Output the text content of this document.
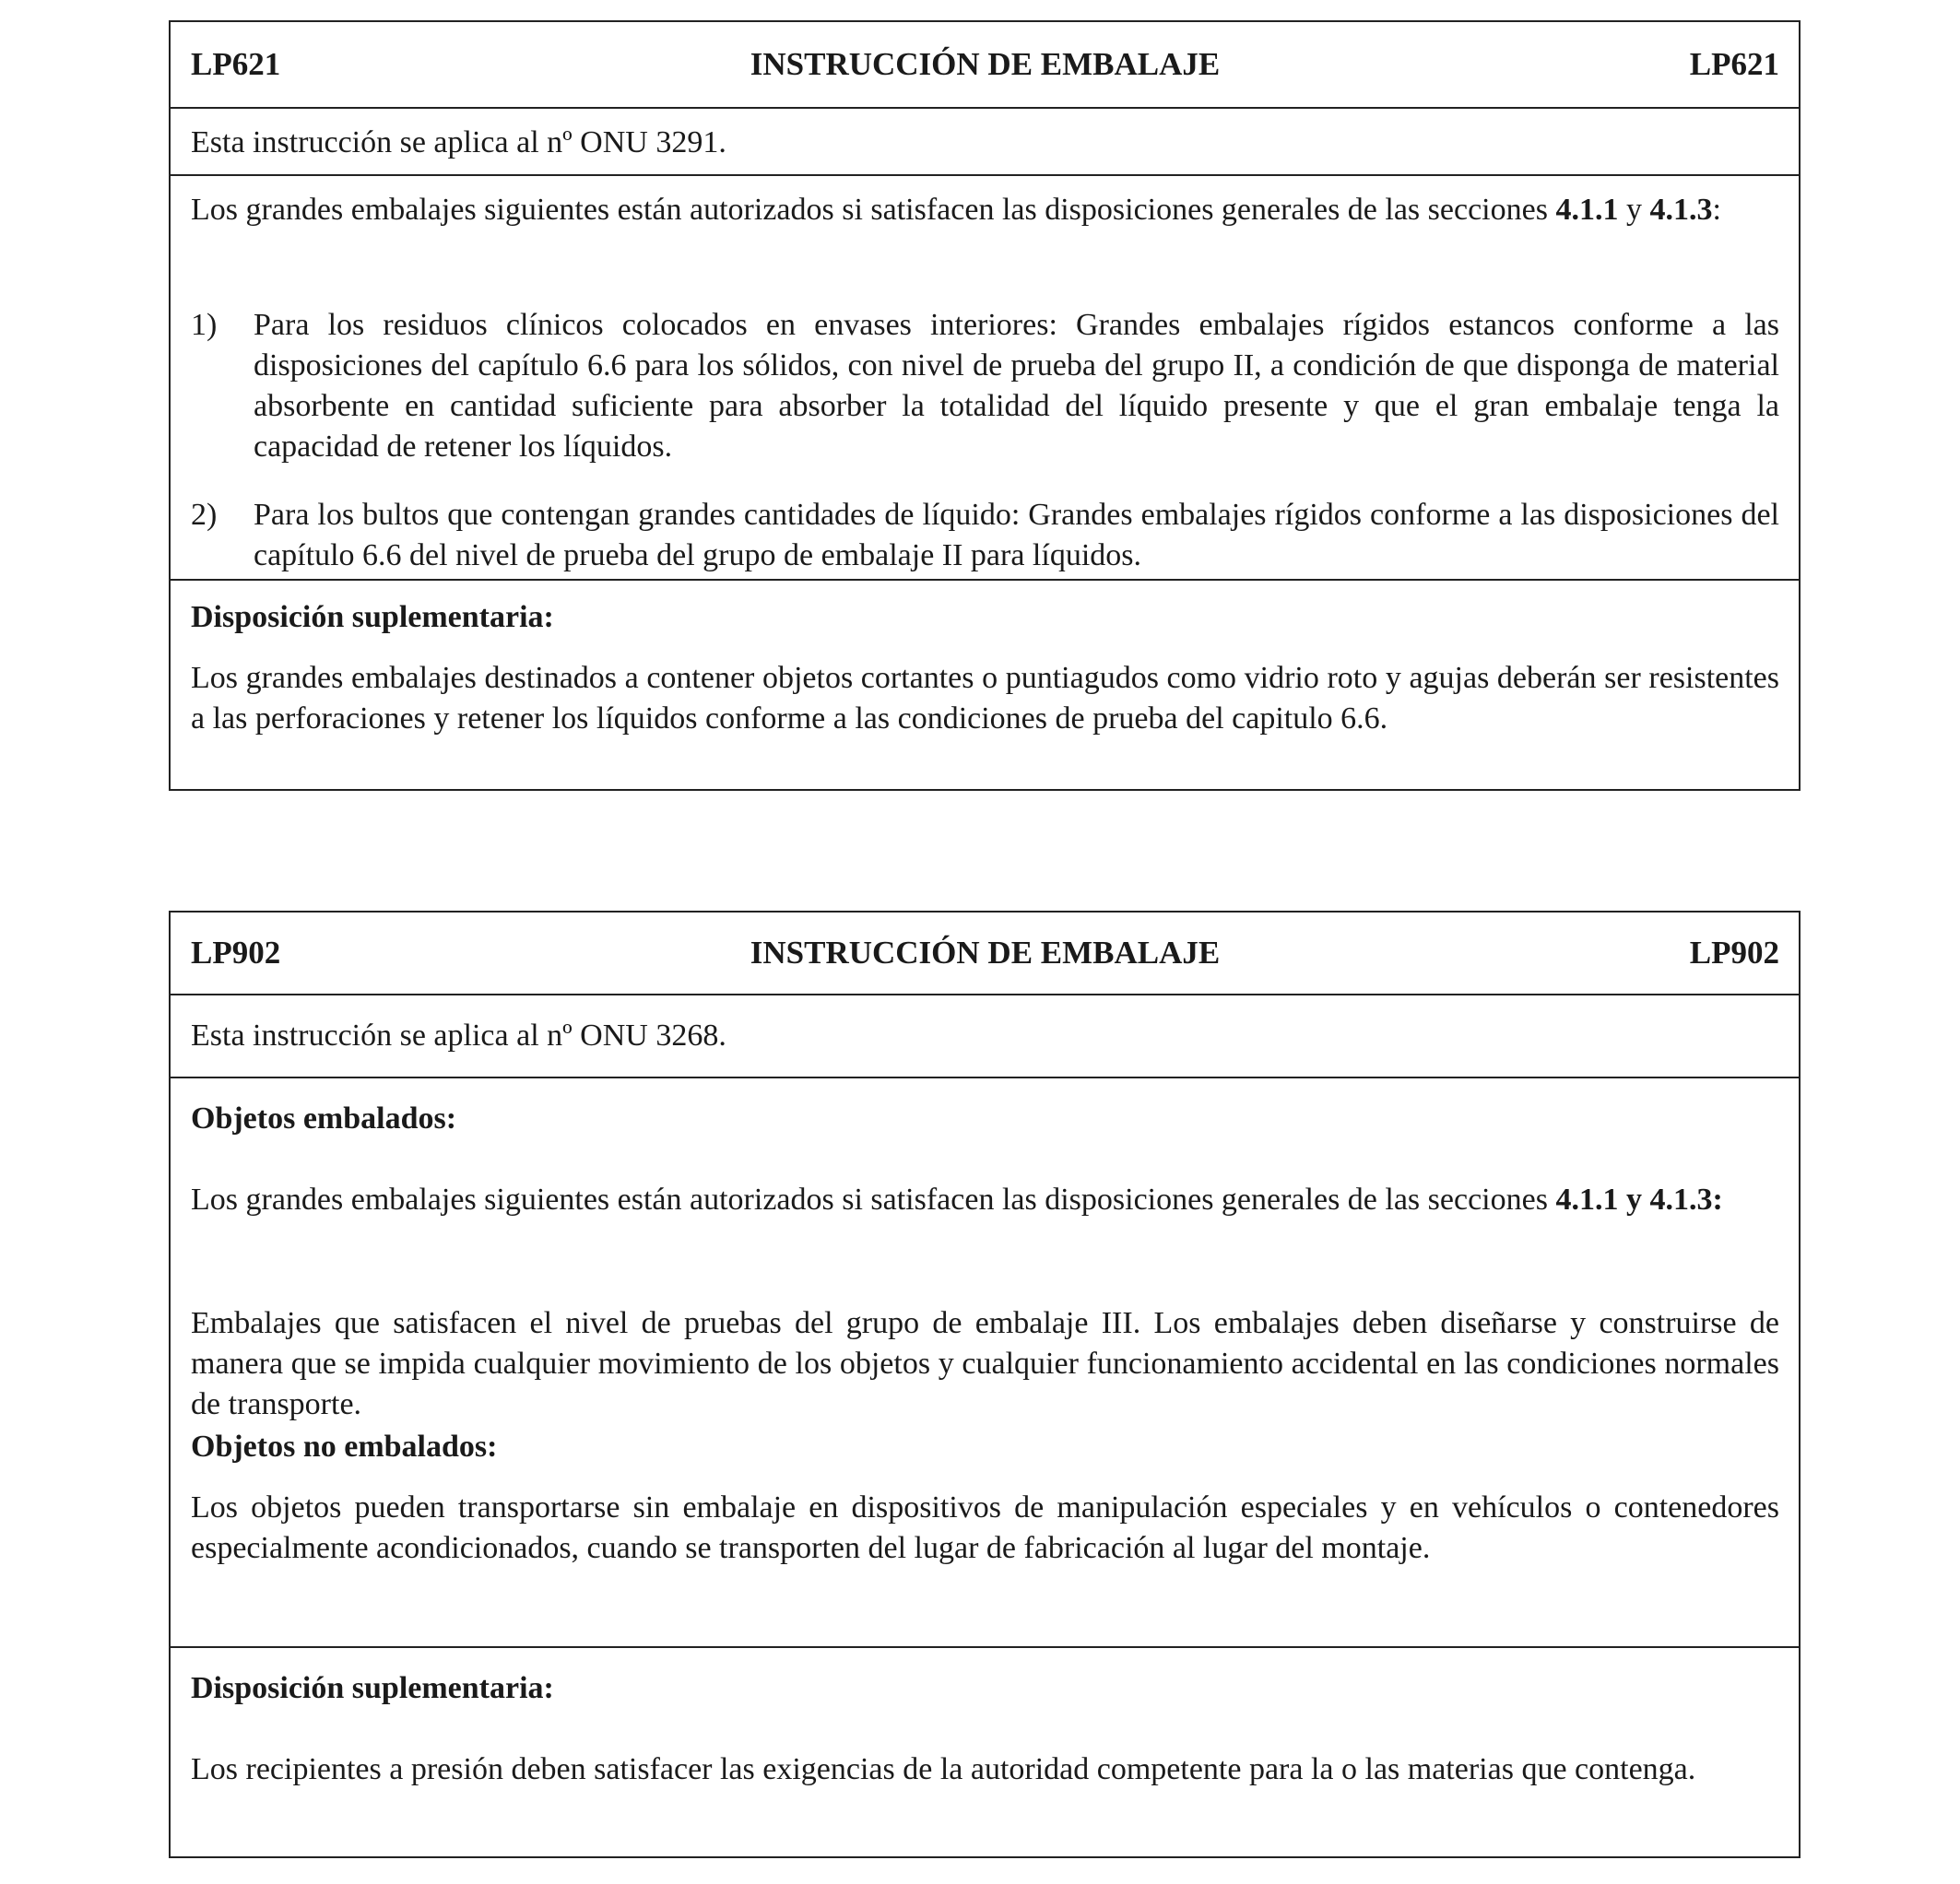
LP621	INSTRUCCIÓN DE EMBALAJE	LP621

Esta instrucción se aplica al nº ONU 3291.

Los grandes embalajes siguientes están autorizados si satisfacen las disposiciones generales de las secciones 4.1.1 y 4.1.3:

1) Para los residuos clínicos colocados en envases interiores: Grandes embalajes rígidos estancos conforme a las disposiciones del capítulo 6.6 para los sólidos, con nivel de prueba del grupo II, a condición de que disponga de material absorbente en cantidad suficiente para absorber la totalidad del líquido presente y que el gran embalaje tenga la capacidad de retener los líquidos.
2) Para los bultos que contengan grandes cantidades de líquido: Grandes embalajes rígidos conforme a las disposiciones del capítulo 6.6 del nivel de prueba del grupo de embalaje II para líquidos.

Disposición suplementaria:

Los grandes embalajes destinados a contener objetos cortantes o puntiagudos como vidrio roto y agujas deberán ser resistentes a las perforaciones y retener los líquidos conforme a las condiciones de prueba del capitulo 6.6.

LP902	INSTRUCCIÓN DE EMBALAJE	LP902

Esta instrucción se aplica al nº ONU 3268.

Objetos embalados:

Los grandes embalajes siguientes están autorizados si satisfacen las disposiciones generales de las secciones 4.1.1 y 4.1.3:

Embalajes que satisfacen el nivel de pruebas del grupo de embalaje III. Los embalajes deben diseñarse y construirse de manera que se impida cualquier movimiento de los objetos y cualquier funcionamiento accidental en las condiciones normales de transporte.

Objetos no embalados:

Los objetos pueden transportarse sin embalaje en dispositivos de manipulación especiales y en vehículos o contenedores especialmente acondicionados, cuando se transporten del lugar de fabricación al lugar del montaje.

Disposición suplementaria:

Los recipientes a presión deben satisfacer las exigencias de la autoridad competente para la o las materias que contenga.
